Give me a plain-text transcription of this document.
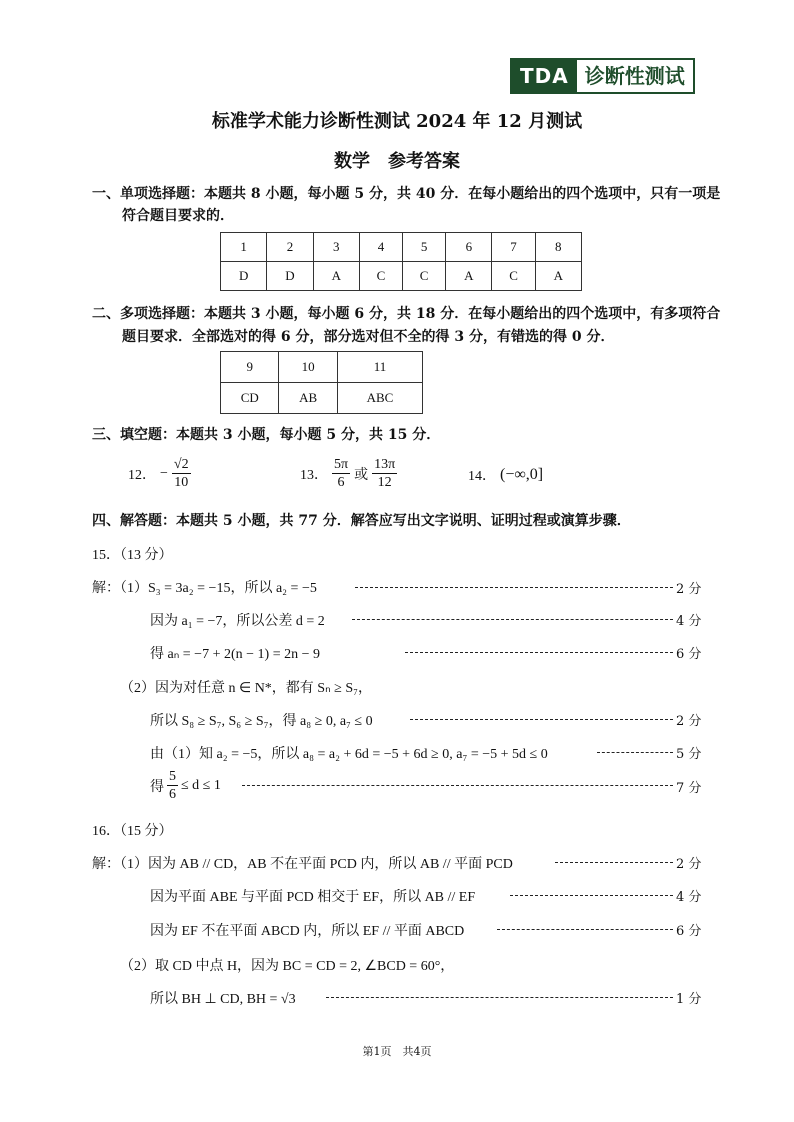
TDA 诊断性测试
标准学术能力诊断性测试 2024 年 12 月测试
数学　参考答案
一、单项选择题：本题共 8 小题，每小题 5 分，共 40 分．在每小题给出的四个选项中，只有一项是
符合题目要求的．
1	2	3	4	5	6	7	8
D	D	A	C	C	A	C	A
二、多项选择题：本题共 3 小题，每小题 6 分，共 18 分．在每小题给出的四个选项中，有多项符合
题目要求．全部选对的得 6 分，部分选对但不全的得 3 分，有错选的得 0 分．
9	10	11
CD	AB	ABC
三、填空题：本题共 3 小题，每小题 5 分，共 15 分．
12． − $\frac{√2}{10}$	13． $\frac{5\pi}{6}$ 或 $\frac{13\pi}{12}$	14． (−∞,0]
四、解答题：本题共 5 小题，共 77 分．解答应写出文字说明、证明过程或演算步骤．
15．（13 分）
解：（1）S₃ = 3a₂ = −15，所以 a₂ = −5	2 分
因为 a₁ = −7，所以公差 d = 2	4 分
得 aₙ = −7 + 2(n − 1) = 2n − 9	6 分
（2）因为对任意 n ∈ N*，都有 Sₙ ≥ S₇，
所以 S₈ ≥ S₇, S₆ ≥ S₇，得 a₈ ≥ 0, a₇ ≤ 0	2 分
由（1）知 a₂ = −5，所以 a₈ = a₂ + 6d = −5 + 6d ≥ 0, a₇ = −5 + 5d ≤ 0	5 分
得 $\frac{5}{6} \le d \le 1$	7 分
16．（15 分）
解：（1）因为 AB // CD，AB 不在平面 PCD 内，所以 AB // 平面 PCD	2 分
因为平面 ABE 与平面 PCD 相交于 EF，所以 AB // EF	4 分
因为 EF 不在平面 ABCD 内，所以 EF // 平面 ABCD	6 分
（2）取 CD 中点 H，因为 BC = CD = 2, ∠BCD = 60°，
所以 BH ⊥ CD, BH = √3	1 分
第1页　共4页
